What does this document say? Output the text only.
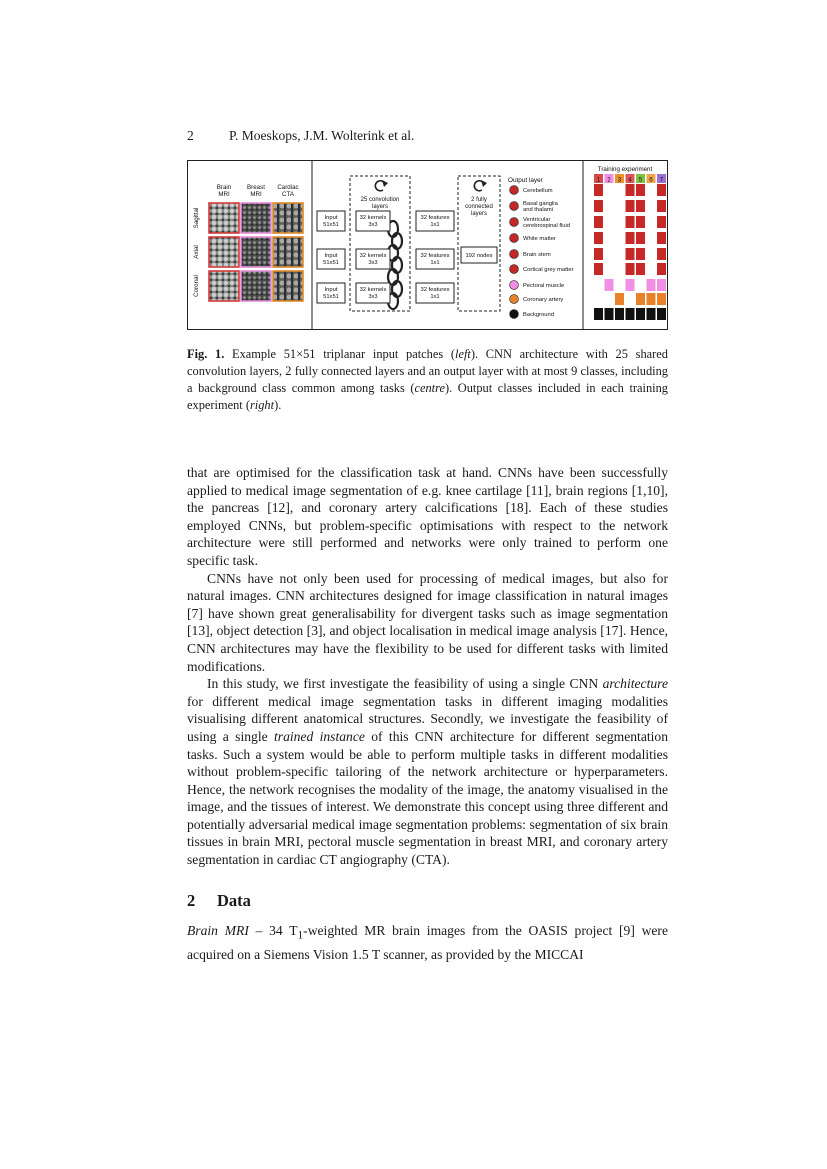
2	P. Moeskops, J.M. Wolterink et al.
Brain MRI
Breast MRI
Cardiac CTA
Sagittal
Axial
Coronal
25 convolution layers
2 fully connected layers
Input 51x51
32 kernels 3x3
32 features 1x1
Input 51x51
32 kernels 3x3
32 features 1x1
Input 51x51
32 kernels 3x3
32 features 1x1
192 nodes
Output layer
Cerebellum
Basal ganglia and thalami
Ventricular cerebrospinal fluid
White matter
Brain stem
Cortical grey matter
Pectoral muscle
Coronary artery
Background
Training experiment
1 2 3 4 5 6 7
Fig. 1. Example 51×51 triplanar input patches (left). CNN architecture with 25 shared convolution layers, 2 fully connected layers and an output layer with at most 9 classes, including a background class common among tasks (centre). Output classes included in each training experiment (right).

that are optimised for the classification task at hand. CNNs have been successfully applied to medical image segmentation of e.g. knee cartilage [11], brain regions [1,10], the pancreas [12], and coronary artery calcifications [18]. Each of these studies employed CNNs, but problem-specific optimisations with respect to the network architecture were still performed and networks were only trained to perform one specific task.

CNNs have not only been used for processing of medical images, but also for natural images. CNN architectures designed for image classification in natural images [7] have shown great generalisability for divergent tasks such as image segmentation [13], object detection [3], and object localisation in medical image analysis [17]. Hence, CNN architectures may have the flexibility to be used for different tasks with limited modifications.

In this study, we first investigate the feasibility of using a single CNN architecture for different medical image segmentation tasks in different imaging modalities visualising different anatomical structures. Secondly, we investigate the feasibility of using a single trained instance of this CNN architecture for different segmentation tasks. Such a system would be able to perform multiple tasks in different modalities without problem-specific tailoring of the network architecture or hyperparameters. Hence, the network recognises the modality of the image, the anatomy visualised in the image, and the tissues of interest. We demonstrate this concept using three different and potentially adversarial medical image segmentation problems: segmentation of six brain tissues in brain MRI, pectoral muscle segmentation in breast MRI, and coronary artery segmentation in cardiac CT angiography (CTA).

2 Data

Brain MRI – 34 $T_1$-weighted MR brain images from the OASIS project [9] were acquired on a Siemens Vision 1.5 T scanner, as provided by the MICCAI
